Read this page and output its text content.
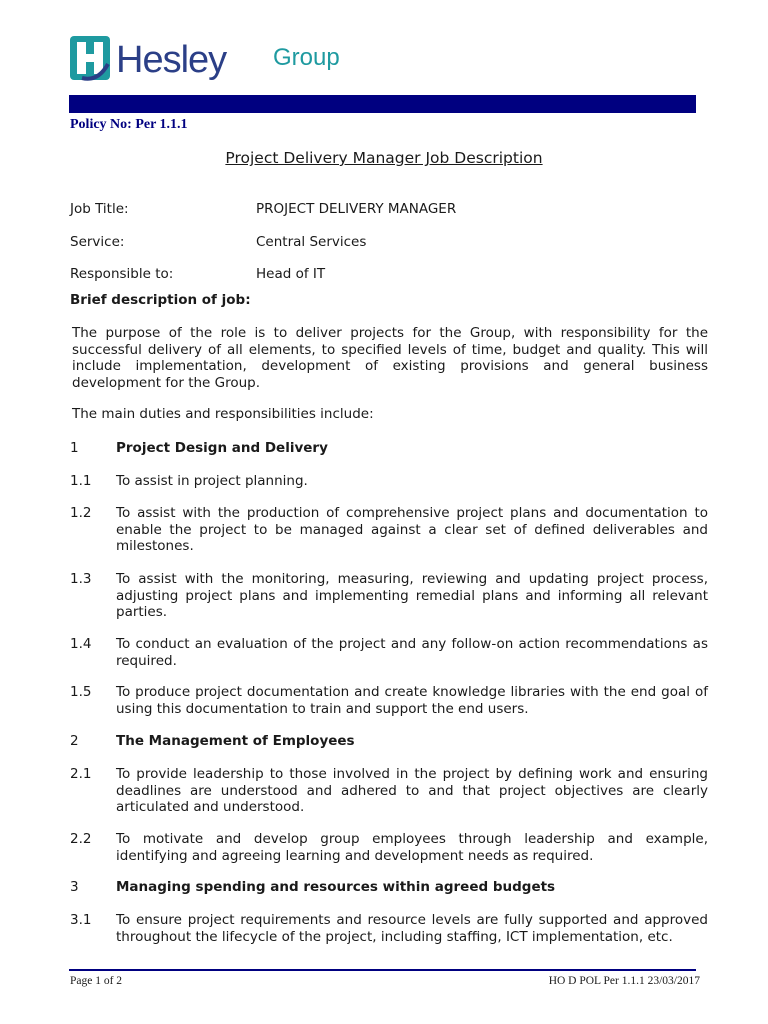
Hesley Group
Policy No: Per 1.1.1
Project Delivery Manager Job Description
Job Title:	PROJECT DELIVERY MANAGER
Service:	Central Services
Responsible to:	Head of IT
Brief description of job:
The purpose of the role is to deliver projects for the Group, with responsibility for the successful delivery of all elements, to specified levels of time, budget and quality. This will include implementation, development of existing provisions and general business development for the Group.
The main duties and responsibilities include:
1	Project Design and Delivery
1.1 To assist in project planning.
1.2 To assist with the production of comprehensive project plans and documentation to enable the project to be managed against a clear set of defined deliverables and milestones.
1.3 To assist with the monitoring, measuring, reviewing and updating project process, adjusting project plans and implementing remedial plans and informing all relevant parties.
1.4 To conduct an evaluation of the project and any follow-on action recommendations as required.
1.5 To produce project documentation and create knowledge libraries with the end goal of using this documentation to train and support the end users.
2	The Management of Employees
2.1 To provide leadership to those involved in the project by defining work and ensuring deadlines are understood and adhered to and that project objectives are clearly articulated and understood.
2.2 To motivate and develop group employees through leadership and example, identifying and agreeing learning and development needs as required.
3	Managing spending and resources within agreed budgets
3.1 To ensure project requirements and resource levels are fully supported and approved throughout the lifecycle of the project, including staffing, ICT implementation, etc.
Page 1 of 2	HO D POL Per 1.1.1 23/03/2017
